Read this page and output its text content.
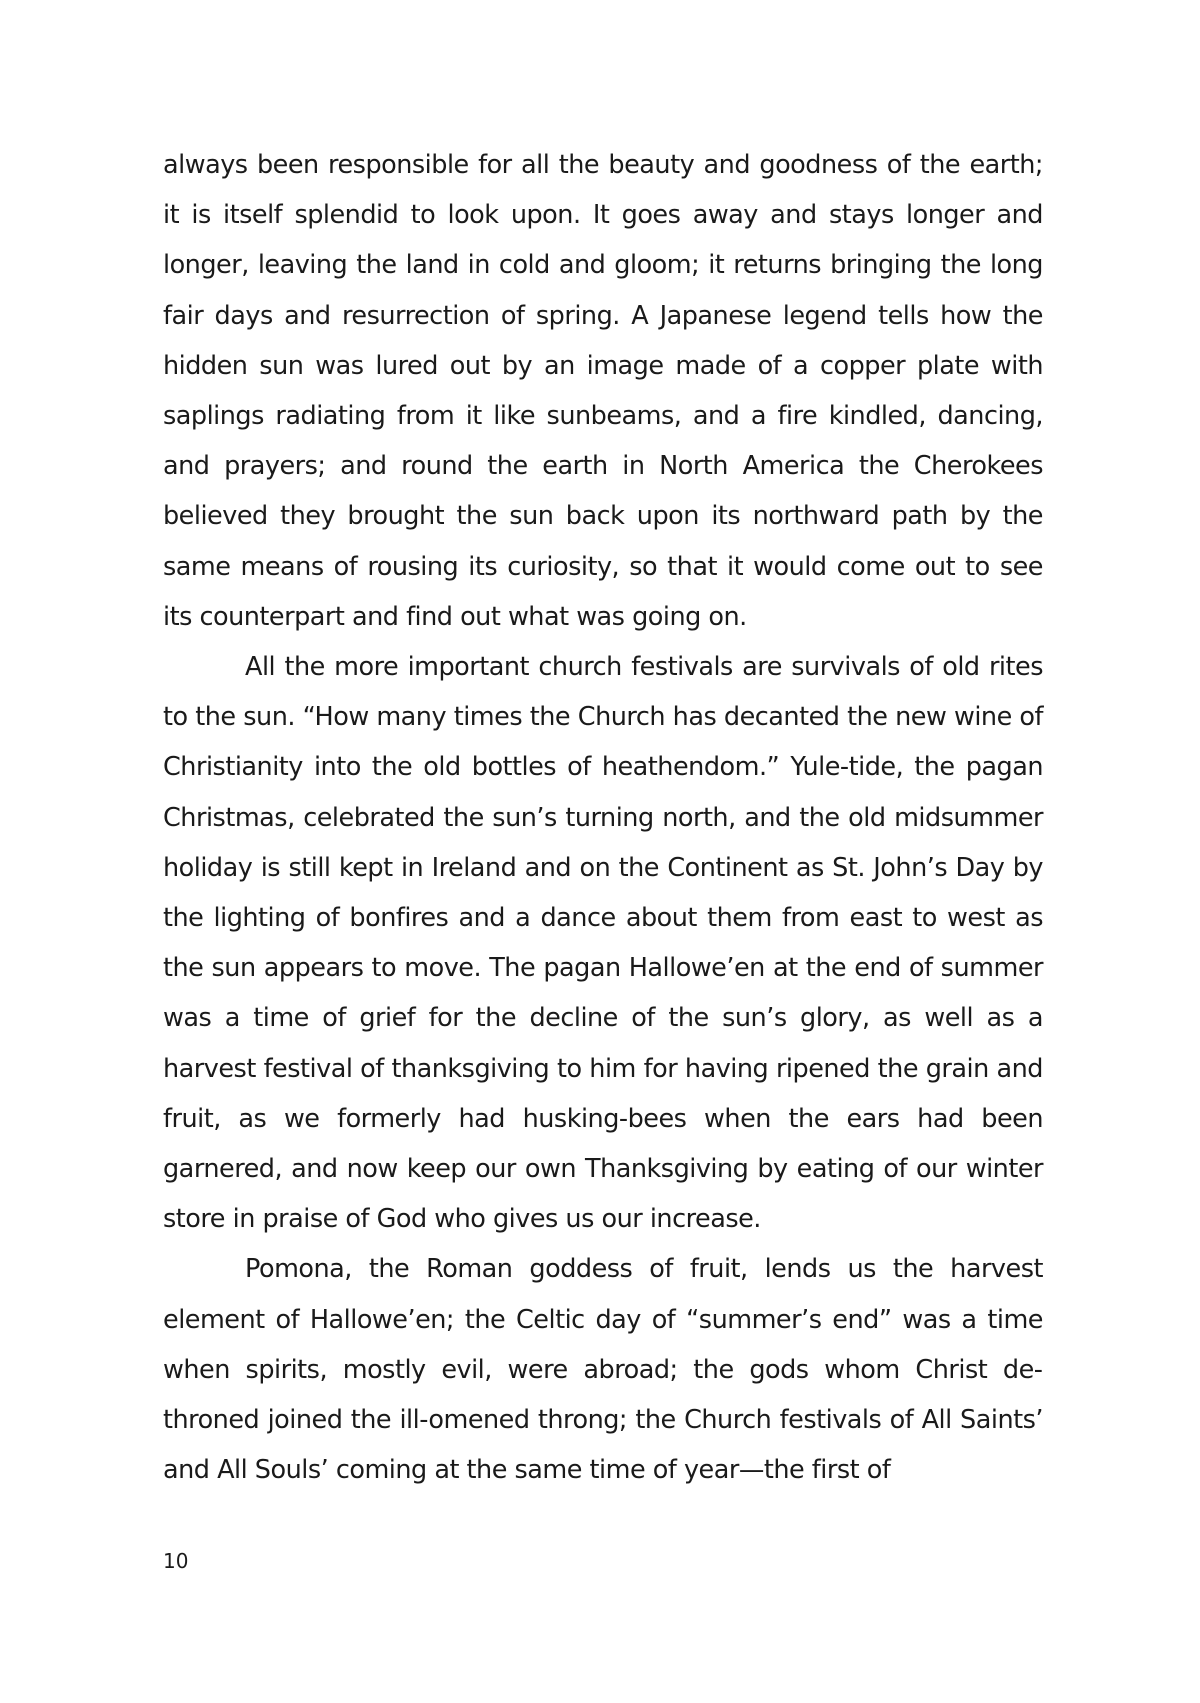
always been responsible for all the beauty and goodness of the earth; it is itself splendid to look upon. It goes away and stays longer and longer, leaving the land in cold and gloom; it returns bringing the long fair days and resurrection of spring. A Japanese legend tells how the hidden sun was lured out by an image made of a copper plate with saplings radiating from it like sunbeams, and a fire kindled, dancing, and prayers; and round the earth in North America the Cherokees believed they brought the sun back upon its northward path by the same means of rousing its curiosity, so that it would come out to see its counterpart and find out what was going on.

All the more important church festivals are survivals of old rites to the sun. “How many times the Church has decanted the new wine of Christianity into the old bottles of heathendom.” Yule-tide, the pagan Christmas, celebrated the sun’s turning north, and the old midsummer holiday is still kept in Ireland and on the Continent as St. John’s Day by the lighting of bonfires and a dance about them from east to west as the sun appears to move. The pagan Hallowe’en at the end of summer was a time of grief for the decline of the sun’s glory, as well as a harvest festival of thanksgiving to him for having ripened the grain and fruit, as we formerly had husking-bees when the ears had been garnered, and now keep our own Thanksgiving by eating of our winter store in praise of God who gives us our increase.

Pomona, the Roman goddess of fruit, lends us the harvest element of Hallowe’en; the Celtic day of “summer’s end” was a time when spirits, mostly evil, were abroad; the gods whom Christ dethroned joined the ill-omened throng; the Church festivals of All Saints’ and All Souls’ coming at the same time of year—the first of

10
